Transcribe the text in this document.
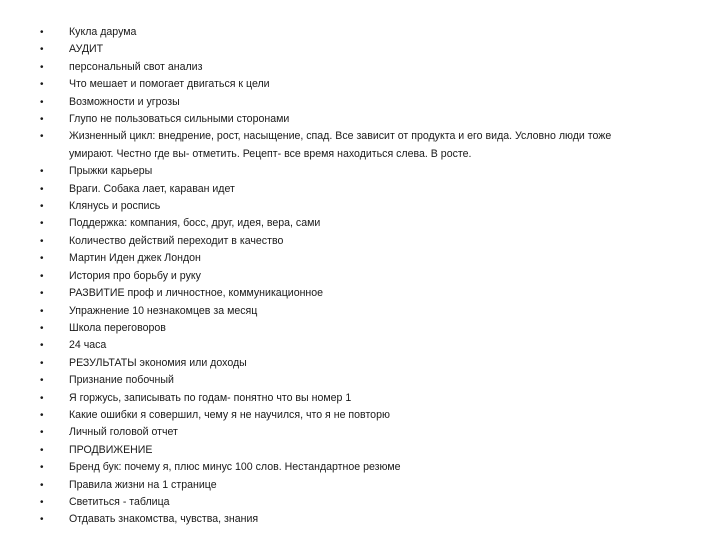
•	Кукла дарума
•	АУДИТ
•	персональный свот анализ
•	Что мешает и помогает двигаться к цели
•	Возможности и угрозы
•	Глупо не пользоваться сильными сторонами
•	Жизненный цикл: внедрение, рост, насыщение, спад. Все зависит от продукта и его вида. Условно люди тоже умирают. Честно где вы- отметить. Рецепт- все время находиться слева. В росте.
•	Прыжки карьеры
•	Враги. Собака лает, караван идет
•	Клянусь и роспись
•	Поддержка: компания, босс, друг, идея, вера, сами
•	Количество действий переходит в качество
•	Мартин Иден джек Лондон
•	История про борьбу и руку
•	РАЗВИТИЕ проф и личностное, коммуникационное
•	Упражнение 10 незнакомцев за месяц
•	Школа переговоров
•	24 часа
•	РЕЗУЛЬТАТЫ экономия или доходы
•	Признание побочный
•	Я горжусь, записывать по годам- понятно что вы номер 1
•	Какие ошибки я совершил, чему я не научился, что я не повторю
•	Личный головой отчет
•	ПРОДВИЖЕНИЕ
•	Бренд бук: почему я, плюс минус 100 слов. Нестандартное резюме
•	Правила жизни на 1 странице
•	Светиться - таблица
•	Отдавать знакомства, чувства, знания
